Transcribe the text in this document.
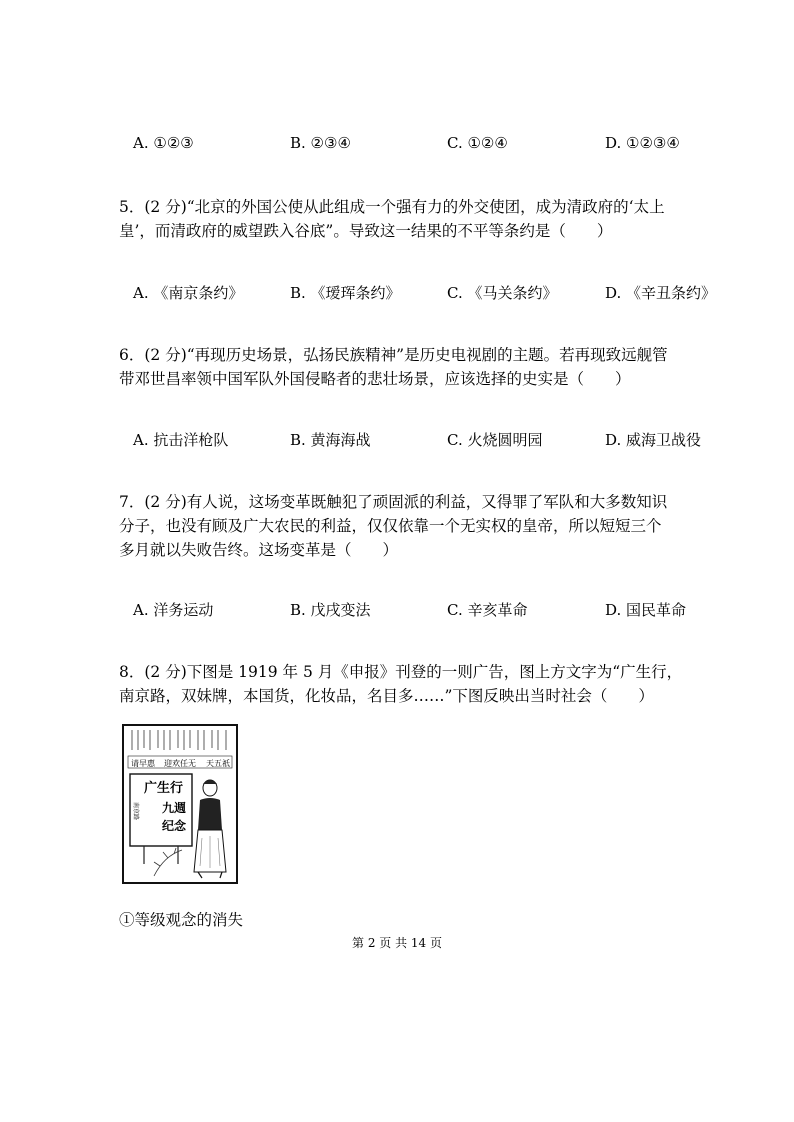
A. ①②③	B. ②③④	C. ①②④	D. ①②③④
5．(2 分)“北京的外国公使从此组成一个强有力的外交使团，成为清政府的‘太上
皇’，而清政府的威望跌入谷底”。导致这一结果的不平等条约是（　　）
A. 《南京条约》	B. 《瑷珲条约》	C. 《马关条约》	D. 《辛丑条约》
6．(2 分)“再现历史场景，弘扬民族精神”是历史电视剧的主题。若再现致远舰管
带邓世昌率领中国军队外国侵略者的悲壮场景，应该选择的史实是（　　）
A. 抗击洋枪队	B. 黄海海战	C. 火烧圆明园	D. 威海卫战役
7．(2 分)有人说，这场变革既触犯了顽固派的利益，又得罪了军队和大多数知识
分子，也没有顾及广大农民的利益，仅仅依靠一个无实权的皇帝，所以短短三个
多月就以失败告终。这场变革是（　　）
A. 洋务运动	B. 戊戌变法	C. 辛亥革命	D. 国民革命
8．(2 分)下图是 1919 年 5 月《申报》刊登的一则广告，图上方文字为“广生行，
南京路，双妹牌，本国货，化妆品，名目多……”下图反映出当时社会（　　）
请早惠 迎欢任无 天五祇
广生行
九週
纪念
南京路
①等级观念的消失
第 2 页 共 14 页
